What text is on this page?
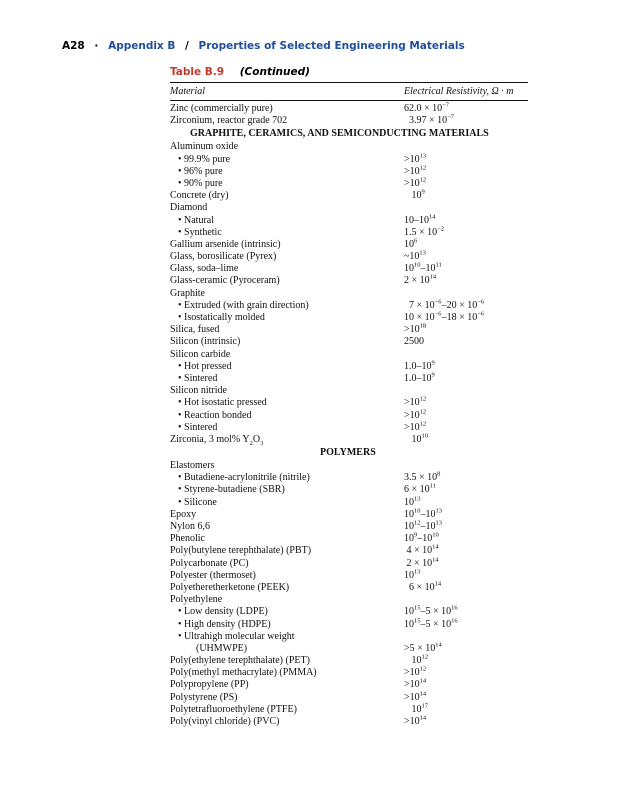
A28 · Appendix B / Properties of Selected Engineering Materials
Table B.9 (Continued)
Material	Electrical Resistivity, Ω · m
Zinc (commercially pure)	$62.0 \times 10^{-7}$
Zirconium, reactor grade 702	$3.97 \times 10^{-7}$
GRAPHITE, CERAMICS, AND SEMICONDUCTING MATERIALS
Aluminum oxide
• 99.9% pure	$>10^{13}$
• 96% pure	$>10^{12}$
• 90% pure	$>10^{12}$
Concrete (dry)	$10^9$
Diamond
• Natural	$10-10^{14}$
• Synthetic	$1.5 \times 10^{-2}$
Gallium arsenide (intrinsic)	$10^6$
Glass, borosilicate (Pyrex)	$\sim 10^{13}$
Glass, soda–lime	$10^{10}-10^{11}$
Glass-ceramic (Pyroceram)	$2 \times 10^{14}$
Graphite
• Extruded (with grain direction)	$7 \times 10^{-6}-20 \times 10^{-6}$
• Isostatically molded	$10 \times 10^{-6}-18 \times 10^{-6}$
Silica, fused	$>10^{18}$
Silicon (intrinsic)	2500
Silicon carbide
• Hot pressed	$1.0-10^9$
• Sintered	$1.0-10^9$
Silicon nitride
• Hot isostatic pressed	$>10^{12}$
• Reaction bonded	$>10^{12}$
• Sintered	$>10^{12}$
Zirconia, 3 mol% $Y_2O_3$	$10^{10}$
POLYMERS
Elastomers
• Butadiene-acrylonitrile (nitrile)	$3.5 \times 10^8$
• Styrene-butadiene (SBR)	$6 \times 10^{11}$
• Silicone	$10^{13}$
Epoxy	$10^{10}-10^{13}$
Nylon 6,6	$10^{12}-10^{13}$
Phenolic	$10^9-10^{10}$
Poly(butylene terephthalate) (PBT)	$4 \times 10^{14}$
Polycarbonate (PC)	$2 \times 10^{14}$
Polyester (thermoset)	$10^{13}$
Polyetheretherketone (PEEK)	$6 \times 10^{14}$
Polyethylene
• Low density (LDPE)	$10^{15}-5 \times 10^{16}$
• High density (HDPE)	$10^{15}-5 \times 10^{16}$
• Ultrahigh molecular weight
(UHMWPE)	$>5 \times 10^{14}$
Poly(ethylene terephthalate) (PET)	$10^{12}$
Poly(methyl methacrylate) (PMMA)	$>10^{12}$
Polypropylene (PP)	$>10^{14}$
Polystyrene (PS)	$>10^{14}$
Polytetrafluoroethylene (PTFE)	$10^{17}$
Poly(vinyl chloride) (PVC)	$>10^{14}$
